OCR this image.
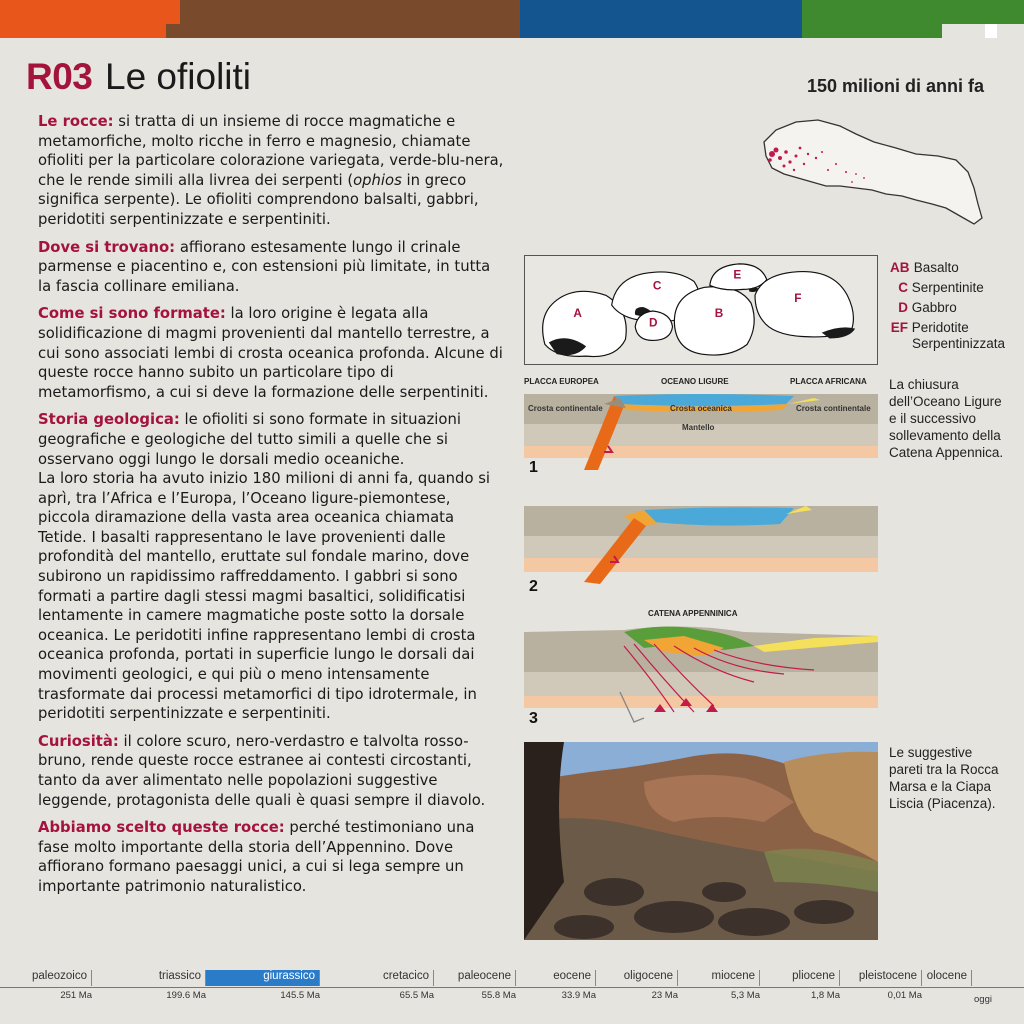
R03 Le ofioliti	150 milioni di anni fa

Le rocce: si tratta di un insieme di rocce magmatiche e metamorfiche, molto ricche in ferro e magnesio, chiamate ofioliti per la particolare colorazione variegata, verde-blu-nera, che le rende simili alla livrea dei serpenti (ophios in greco significa serpente). Le ofioliti comprendono balsalti, gabbri, peridotiti serpentinizzate e serpentiniti.

Dove si trovano: affiorano estesamente lungo il crinale parmense e piacentino e, con estensioni più limitate, in tutta la fascia collinare emiliana.

Come si sono formate: la loro origine è legata alla solidificazione di magmi provenienti dal mantello terrestre, a cui sono associati lembi di crosta oceanica profonda. Alcune di queste rocce hanno subito un particolare tipo di metamorfismo, a cui si deve la formazione delle serpentiniti.

Storia geologica: le ofioliti si sono formate in situazioni geografiche e geologiche del tutto simili a quelle che si osservano oggi lungo le dorsali medio oceaniche.

La loro storia ha avuto inizio 180 milioni di anni fa, quando si aprì, tra l’Africa e l’Europa, l’Oceano ligure-piemontese, piccola diramazione della vasta area oceanica chiamata Tetide. I basalti rappresentano le lave provenienti dalle profondità del mantello, eruttate sul fondale marino, dove subirono un rapidissimo raffreddamento. I gabbri si sono formati a partire dagli stessi magmi basaltici, solidificatisi lentamente in camere magmatiche poste sotto la dorsale oceanica. Le peridotiti infine rappresentano lembi di crosta oceanica profonda, portati in superficie lungo le dorsali dai movimenti geologici, e qui più o meno intensamente trasformate dai processi metamorfici di tipo idrotermale, in peridotiti serpentinizzate e serpentiniti.

Curiosità: il colore scuro, nero-verdastro e talvolta rosso-bruno, rende queste rocce estranee ai contesti circostanti, tanto da aver alimentato nelle popolazioni suggestive leggende, protagonista delle quali è quasi sempre il diavolo.

Abbiamo scelto queste rocce: perché testimoniano una fase molto importante della storia dell’Appennino. Dove affiorano formano paesaggi unici, a cui si lega sempre un importante patrimonio naturalistico.

A	B
C
D
E
F
AB Basalto
C Serpentinite
D Gabbro
EF Peridotite
Serpentinizzata
PLACCA EUROPEA	OCEANO LIGURE	PLACCA AFRICANA
Crosta continentale	Crosta oceanica	Crosta continentale
Mantello
1
2
CATENA APPENNINICA
3
La chiusura dell’Oceano Ligure e il successivo sollevamento della Catena Appennica.
Le suggestive pareti tra la Rocca Marsa e la Ciapa Liscia (Piacenza).
paleozoico	triassico	giurassico	cretacico	paleocene	eocene	oligocene	miocene	pliocene	pleistocene olocene
251 Ma	199.6 Ma	145.5 Ma	65.5 Ma	55.8 Ma	33.9 Ma	23 Ma	5,3 Ma	1,8 Ma	0,01 Ma	oggi
